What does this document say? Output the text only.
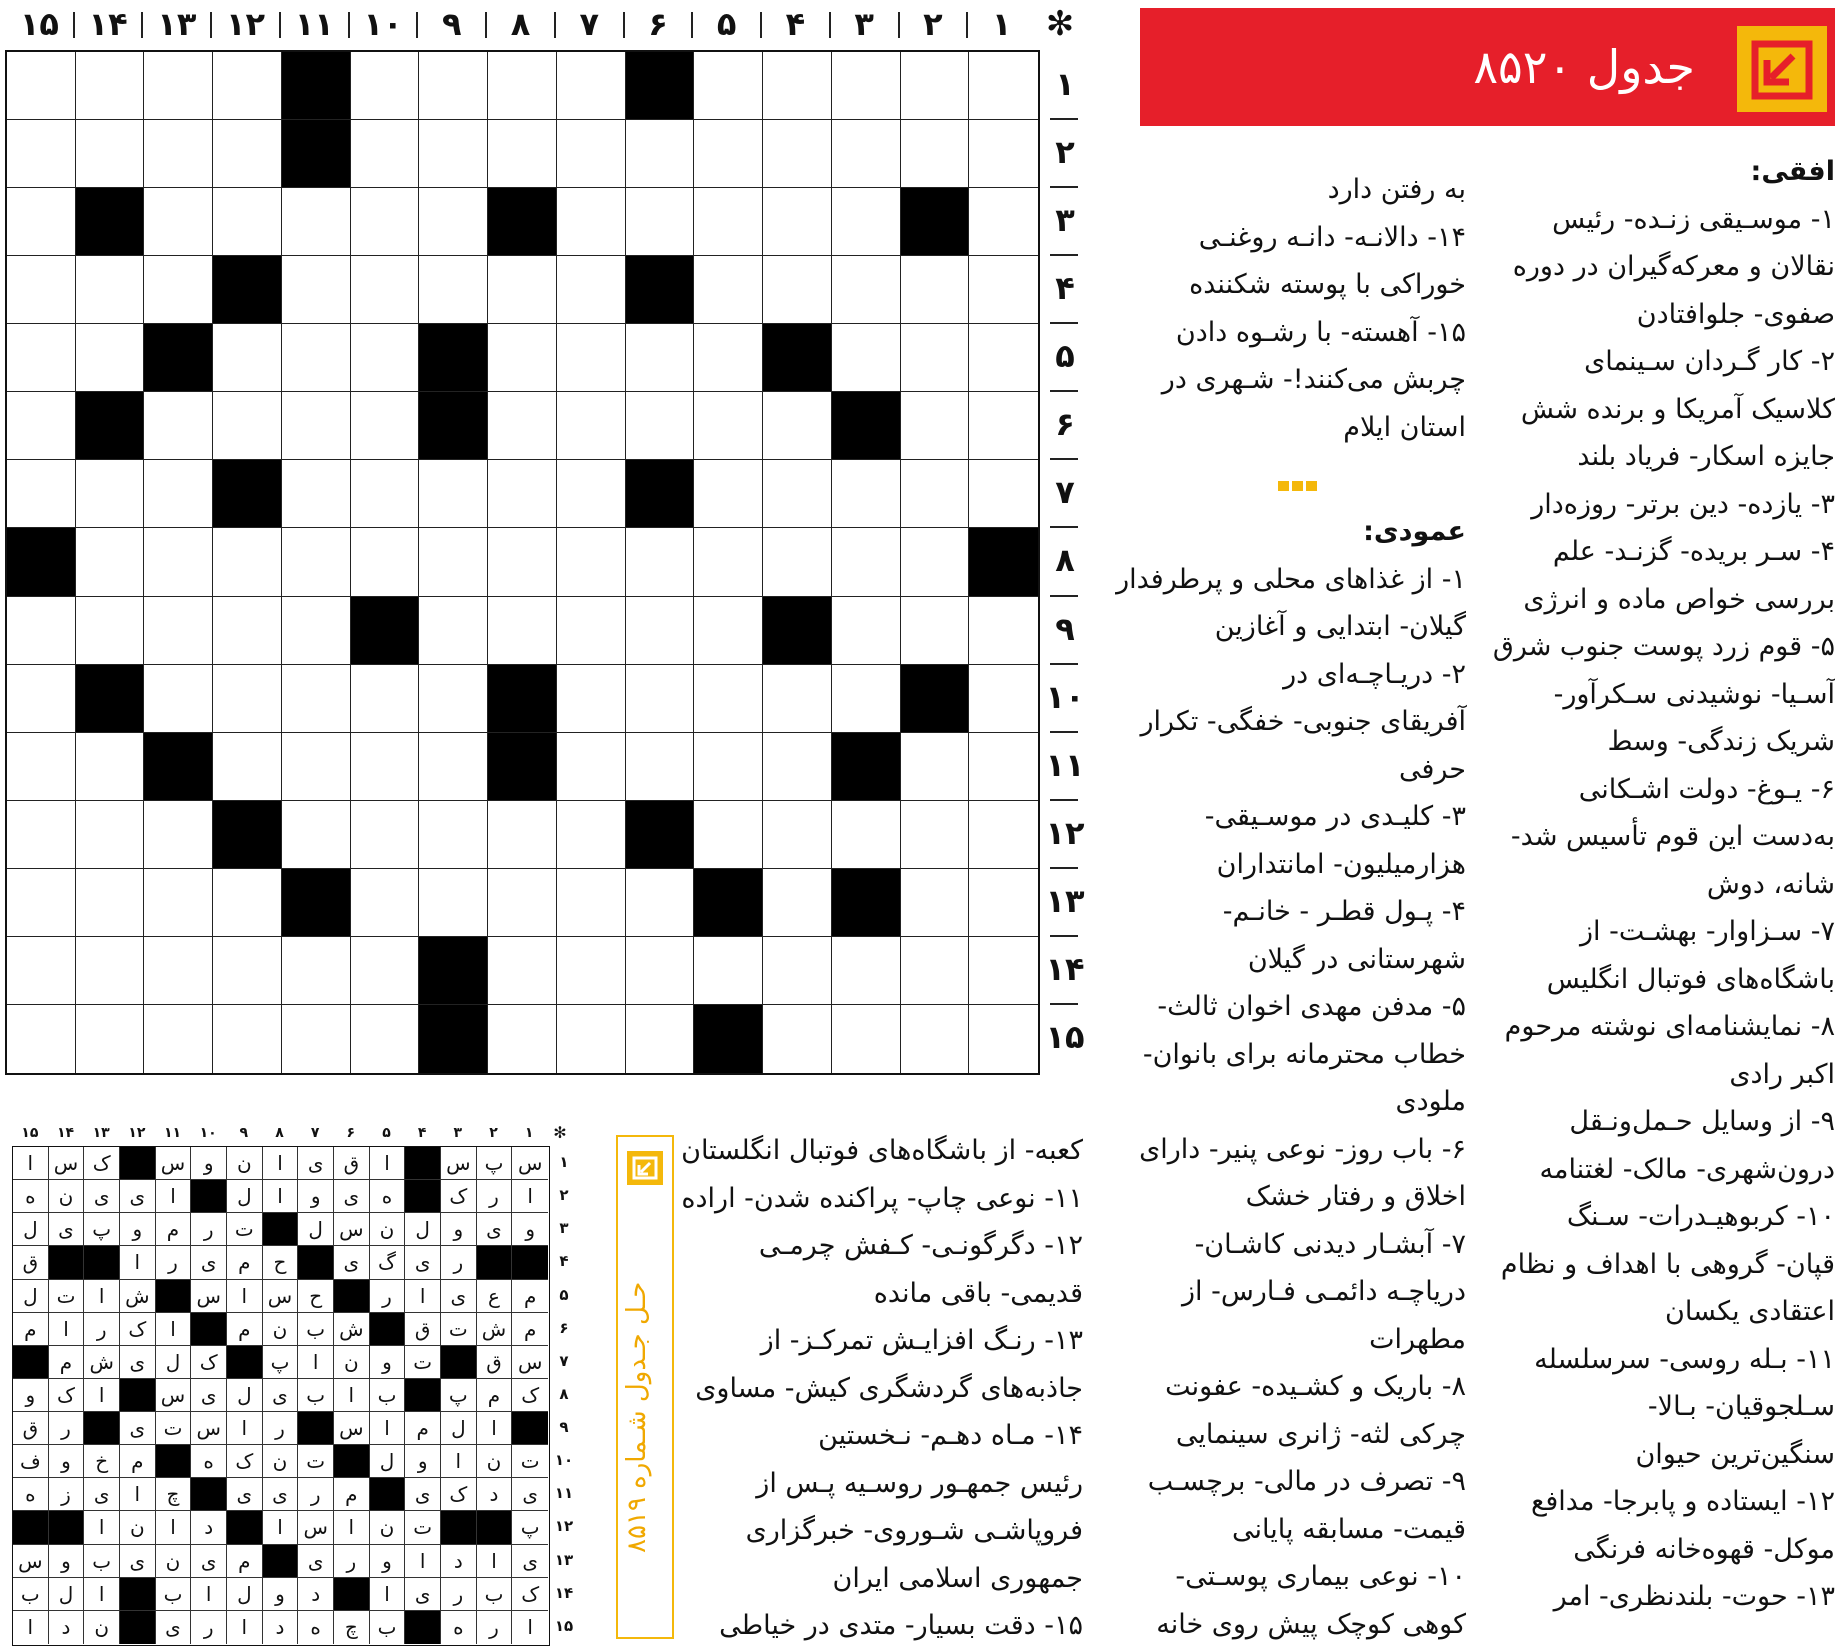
۱۵ ۱۴ ۱۳ ۱۲ ۱۱ ۱۰	۹	۸	۷	۶	۵	۴	۳	۲	۱	✻
۱
۲
۳
۴
۵
۶
۷
۸
۹
۱۰
۱۱
۱۲
۱۳
۱۴
۱۵
جدول ۸۵۲۰
افقی:
۱- موسـیقی زنـده- رئیس
نقالان و معرکه‌گیران در دوره
صفوی- جلوافتادن
۲- کار گـردان سـینمای
کلاسیک آمریکا و برنده شش
جایزه اسکار- فریاد بلند
۳- یازده- دین برتر- روزه‌دار
۴- سـر بریده- گزنـد- علم
بررسی خواص ماده و انرژی
۵- قوم زرد پوست جنوب شرق
آسـیا- نوشیدنی سـکرآور-
شریک زندگی- وسط
۶- یـوغ- دولت اشـکانی
به‌دست این قوم تأسیس شد-
شانه، دوش
۷- سـزاوار- بهشـت- از
باشگاه‌های فوتبال انگلیس
۸- نمایشنامه‌ای نوشته مرحوم
اکبر رادی
۹- از وسایل حـمل‌ونـقل
درون‌شهری- مالک- لغتنامه
۱۰- کربوهیـدرات- سـنگ
قپان- گروهی با اهداف و نظام
اعتقادی یکسان
۱۱- بـله روسی- سرسلسله
سـلجوقیان- بـالا-
سنگین‌ترین حیوان
۱۲- ایستاده و پابرجا- مدافع
موکل- قهوه‌خانه فرنگی
۱۳- حوت- بلندنظری- امر
به رفتن دارد
۱۴- دالانـه- دانـه روغنـی
خوراکی با پوسته شکننده
۱۵- آهسته- با رشـوه دادن
چربش می‌کنند!- شـهری در
استان ایلام
عمودی:
۱- از غذاهای محلی و پرطرفدار
گیلان- ابتدایی و آغازین
۲- دریـاچـه‌ای در
آفریقای جنوبی- خفگی- تکرار
حرفی
۳- کلیـدی در موسـیقی-
هزارمیلیون- امانتداران
۴- پـول قطـر - خانـم-
شهرستانی در گیلان
۵- مدفن مهدی اخوان ثالث-
خطاب محترمانه برای بانوان-
ملودی
۶- باب روز- نوعی پنیر- دارای
اخلاق و رفتار خشک
۷- آبشـار دیدنی کاشـان-
دریاچـه دائمـی فـارس- از
مطهرات
۸- باریک و کشـیده- عفونت
چرکی لثه- ژانری سینمایی
۹- تصرف در مالی- برچسـب
قیمت- مسابقه پایانی
۱۰- نوعی بیماری پوسـتی-
کوهی کوچک پیش روی خانه
کعبه- از باشگاه‌های فوتبال انگلستان
۱۱- نوعی چاپ- پراکنده شدن- اراده
۱۲- دگرگونـی- کـفش چرمـی
قدیمی- باقی مانده
۱۳- رنـگ افزایـش تمرکـز- از
جاذبه‌های گردشگری کیش- مساوی
۱۴- مـاه دهـم- نـخستین
رئیس جمهـور روسـیه پـس از
فروپاشـی شـوروی- خبرگزاری
جمهوری اسلامی ایران
۱۵- دقت بسیار- متدی در خیاطی
۱۵	۱۴	۱۳	۱۲	۱۱	۱۰	۹	۸	۷	۶	۵	۴	۳	۲	۱	✻
ا	س ک	س و	ن	ا	ی	ق	ا	س پ س
ه	ن	ی	ی	ا	ل	ا	و	ی	ه	ک	ر	ا
ل	ی پ	و	م	ر	ت	ل س ن	ل	و	ی	و
ق	ا	ر	ی	م	ح	ی گ ی	ر
ل ت	ا	ش	س	ا	س ح	ر	ا	ی	ع	م
م	ا	ر	ک	ا	م	ن ب ش	ق ت ش م
م ش ی	ل ک	پ	ا	ن	و	ت	ق س
و	ک	ا	س ی	ل	ی ب	ا	ب	پ	م	ک
ق	ر	ی ت س	ا	ر	س	ا	م	ل	ا
ف	و	خ	م	ه	ک ن ت	ل	و	ا	ن ت
ه	ز	ی	ا	چ	ی	ی	ر	م	ی ک	د	ی
ا	ن	ا	د	ا	س	ا	ن ت	پ
س و	ب ی	ن	ی	م	ی	ر	و	ا	د	ا	ی
ب ل	ا	ب	ا	ل	و	د	ا	ی	ر	ب ک
ا	د	ن	ی	ر	ا	د	ه	چ ب	ه	ر	ا
۱
۲
۳
۴
۵
۶
۷
۸
۹
۱۰
۱۱
۱۲
۱۳
۱۴
۱۵
حـل جـدول شـماره ۸۵۱۹
